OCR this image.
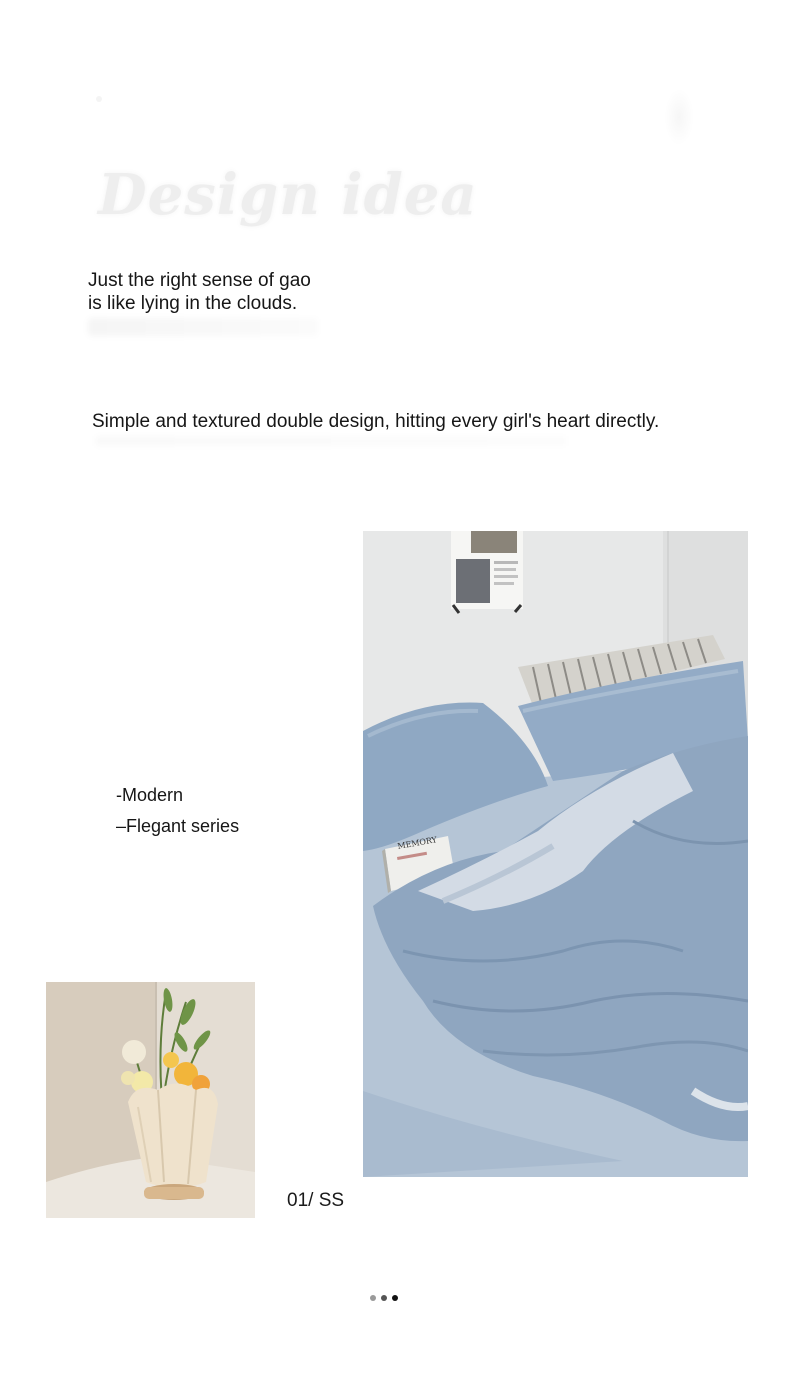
Design idea
Just the right sense of gao
is like lying in the clouds.
Simple and textured double design, hitting every girl's heart directly.
-Modern
–Flegant series
MEMORY
01/ SS
